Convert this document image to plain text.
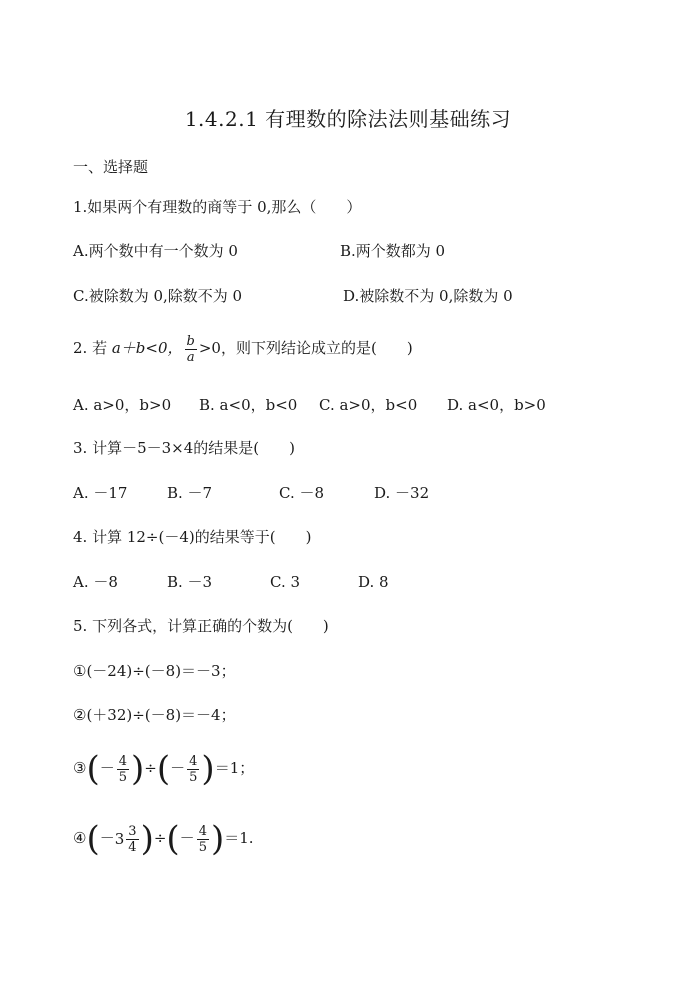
1.4.2.1 有理数的除法法则基础练习
一、选择题
1.如果两个有理数的商等于 0,那么（　　）
A.两个数中有一个数为 0	B.两个数都为 0
C.被除数为 0,除数不为 0	D.被除数不为 0,除数为 0
2. 若 a＋b<0， $\frac{b}{a} >0$，则下列结论成立的是(　　)
A. a>0，b>0 B. a<0，b<0 C. a>0，b<0 D. a<0，b>0
3. 计算－5－3×4的结果是(　　)
A. －17	B. －7	C. －8	D. －32
4. 计算 12÷(－4)的结果等于(　　)
A. －8	B. －3	C. 3	D. 8
5. 下列各式，计算正确的个数为(　　)
①(－24)÷(－8)＝－3；
②(＋32)÷(－8)＝－4；
③(－ $\frac{4}{5}$ )÷(－ $\frac{4}{5} )=1$；
④(－3 $\frac{3}{4}$ )÷(－ $\frac{4}{5} )=1$.
